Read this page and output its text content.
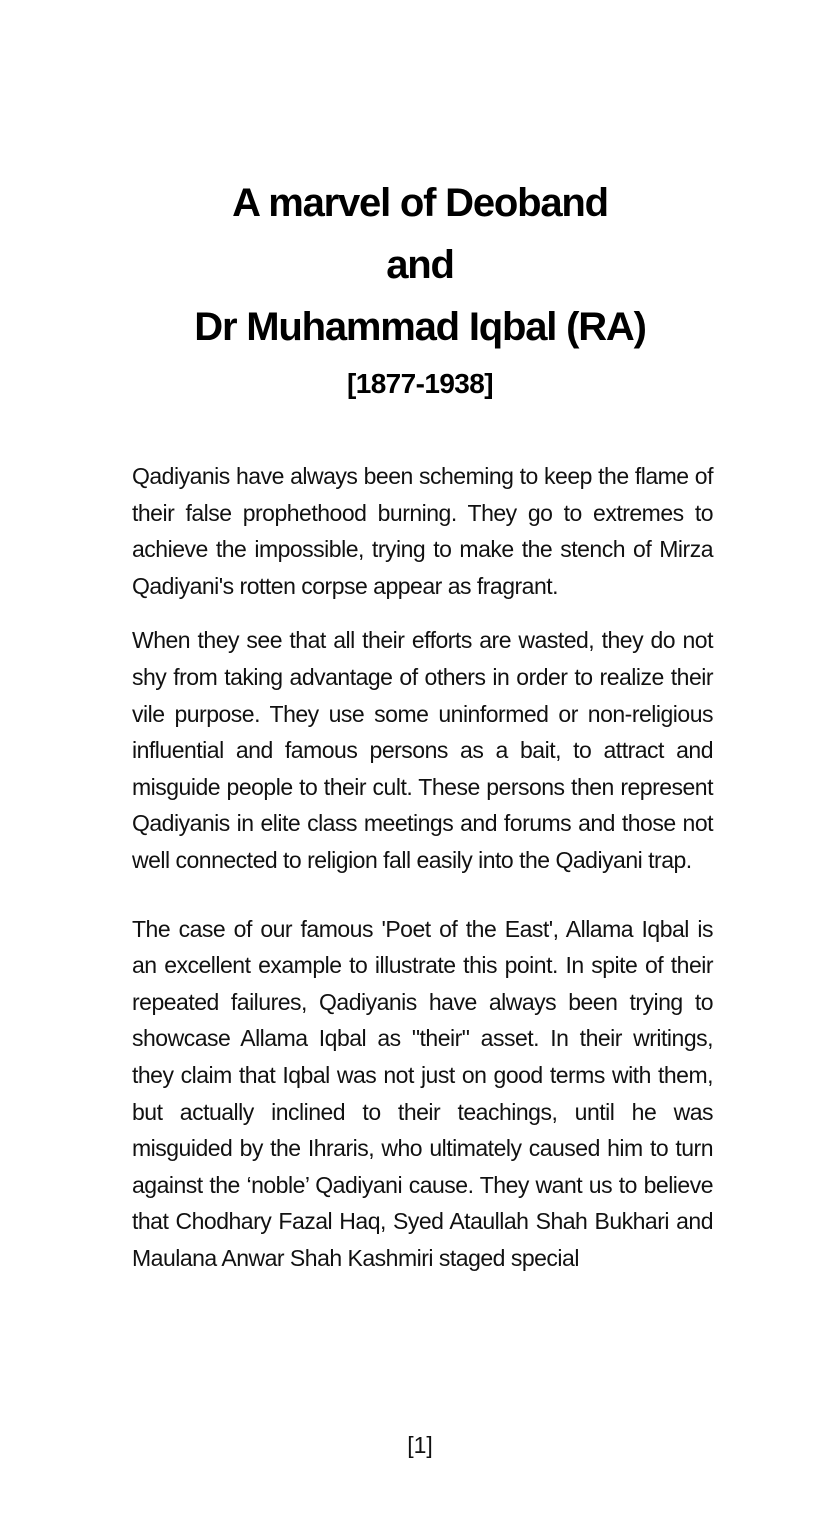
A marvel of Deoband
and
Dr Muhammad Iqbal (RA)
[1877-1938]

Qadiyanis have always been scheming to keep the flame of their false prophethood burning. They go to extremes to achieve the impossible, trying to make the stench of Mirza Qadiyani's rotten corpse appear as fragrant.

When they see that all their efforts are wasted, they do not shy from taking advantage of others in order to realize their vile purpose. They use some uninformed or non-religious influential and famous persons as a bait, to attract and misguide people to their cult. These persons then represent Qadiyanis in elite class meetings and forums and those not well connected to religion fall easily into the Qadiyani trap.

The case of our famous 'Poet of the East', Allama Iqbal is an excellent example to illustrate this point. In spite of their repeated failures, Qadiyanis have always been trying to showcase Allama Iqbal as "their" asset. In their writings, they claim that Iqbal was not just on good terms with them, but actually inclined to their teachings, until he was misguided by the Ihraris, who ultimately caused him to turn against the ‘noble’ Qadiyani cause. They want us to believe that Chodhary Fazal Haq, Syed Ataullah Shah Bukhari and Maulana Anwar Shah Kashmiri staged special

[1]
